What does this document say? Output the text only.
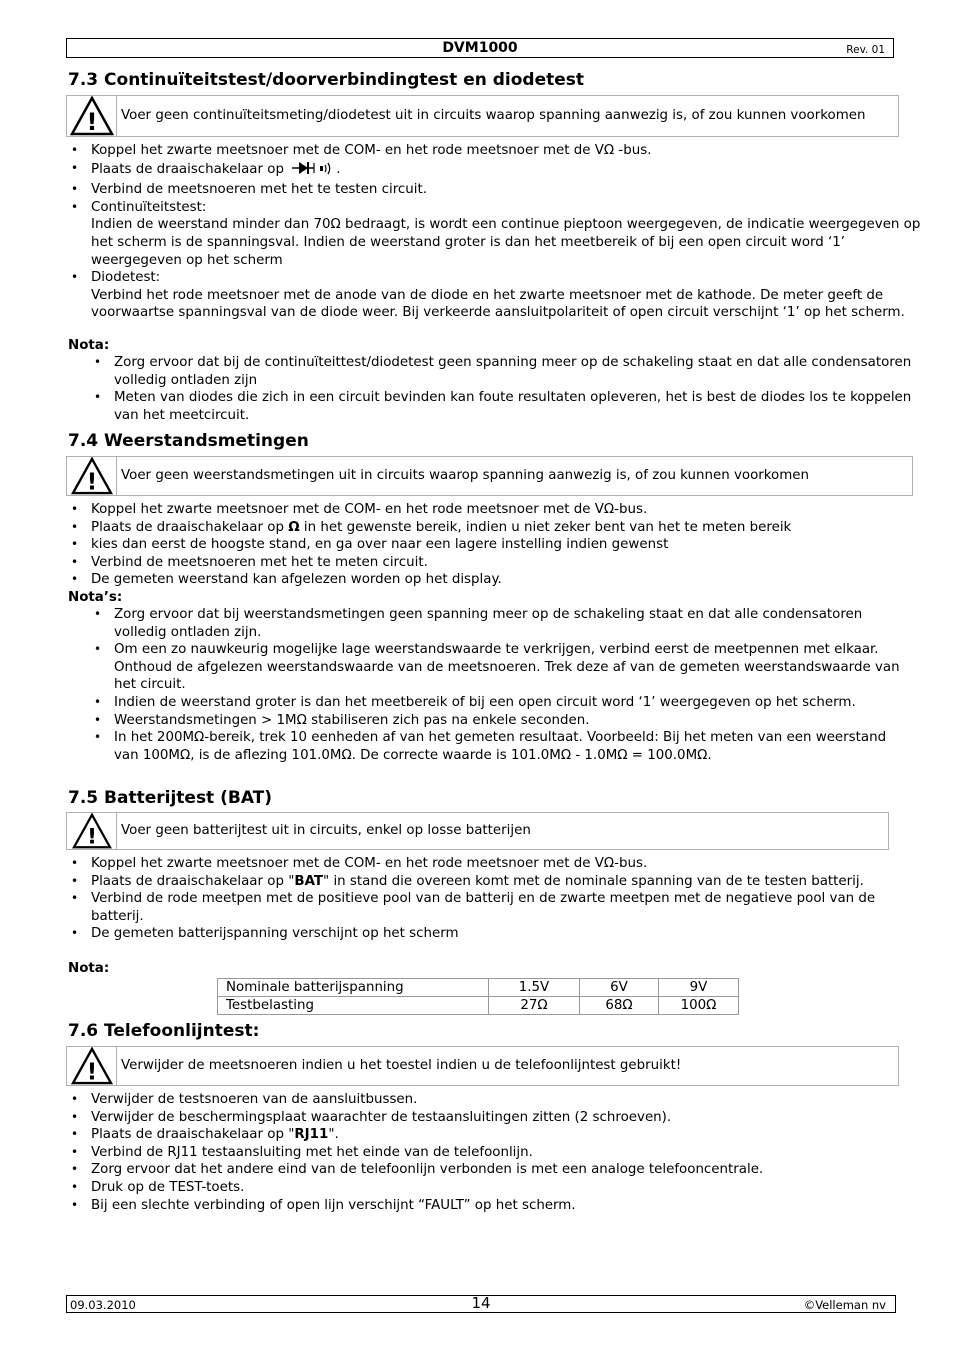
DVM1000	Rev. 01
7.3 Continuïteitstest/doorverbindingtest en diodetest
! Voer geen continuïteitsmeting/diodetest uit in circuits waarop spanning aanwezig is, of zou kunnen voorkomen
• Koppel het zwarte meetsnoer met de COM- en het rode meetsnoer met de VΩ -bus.
• Plaats de draaischakelaar op	.
• Verbind de meetsnoeren met het te testen circuit.
• Continuïteitstest:
Indien de weerstand minder dan 70Ω bedraagt, is wordt een continue pieptoon weergegeven, de indicatie weergegeven op het scherm is de spanningsval. Indien de weerstand groter is dan het meetbereik of bij een open circuit word ‘1’ weergegeven op het scherm
• Diodetest:
Verbind het rode meetsnoer met de anode van de diode en het zwarte meetsnoer met de kathode. De meter geeft de voorwaartse spanningsval van de diode weer. Bij verkeerde aansluitpolariteit of open circuit verschijnt ‘1’ op het scherm.
Nota:
• Zorg ervoor dat bij de continuïteittest/diodetest geen spanning meer op de schakeling staat en dat alle condensatoren volledig ontladen zijn
• Meten van diodes die zich in een circuit bevinden kan foute resultaten opleveren, het is best de diodes los te koppelen van het meetcircuit.
7.4 Weerstandsmetingen
! Voer geen weerstandsmetingen uit in circuits waarop spanning aanwezig is, of zou kunnen voorkomen
• Koppel het zwarte meetsnoer met de COM- en het rode meetsnoer met de VΩ-bus.
• Plaats de draaischakelaar op Ω in het gewenste bereik, indien u niet zeker bent van het te meten bereik
• kies dan eerst de hoogste stand, en ga over naar een lagere instelling indien gewenst
• Verbind de meetsnoeren met het te meten circuit.
• De gemeten weerstand kan afgelezen worden op het display.
Nota’s:
• Zorg ervoor dat bij weerstandsmetingen geen spanning meer op de schakeling staat en dat alle condensatoren volledig ontladen zijn.
• Om een zo nauwkeurig mogelijke lage weerstandswaarde te verkrijgen, verbind eerst de meetpennen met elkaar. Onthoud de afgelezen weerstandswaarde van de meetsnoeren. Trek deze af van de gemeten weerstandswaarde van het circuit.
• Indien de weerstand groter is dan het meetbereik of bij een open circuit word ‘1’ weergegeven op het scherm.
• Weerstandsmetingen > 1MΩ stabiliseren zich pas na enkele seconden.
• In het 200MΩ-bereik, trek 10 eenheden af van het gemeten resultaat. Voorbeeld: Bij het meten van een weerstand van 100MΩ, is de aflezing 101.0MΩ. De correcte waarde is 101.0MΩ - 1.0MΩ = 100.0MΩ.
7.5 Batterijtest (BAT)
! Voer geen batterijtest uit in circuits, enkel op losse batterijen
• Koppel het zwarte meetsnoer met de COM- en het rode meetsnoer met de VΩ-bus.
• Plaats de draaischakelaar op "BAT" in stand die overeen komt met de nominale spanning van de te testen batterij.
• Verbind de rode meetpen met de positieve pool van de batterij en de zwarte meetpen met de negatieve pool van de batterij.
• De gemeten batterijspanning verschijnt op het scherm
Nota:
Nominale batterijspanning	1.5V	6V	9V
Testbelasting	27Ω	68Ω	100Ω
7.6 Telefoonlijntest:
! Verwijder de meetsnoeren indien u het toestel indien u de telefoonlijntest gebruikt!
• Verwijder de testsnoeren van de aansluitbussen.
• Verwijder de beschermingsplaat waarachter de testaansluitingen zitten (2 schroeven).
• Plaats de draaischakelaar op "RJ11".
• Verbind de RJ11 testaansluiting met het einde van de telefoonlijn.
• Zorg ervoor dat het andere eind van de telefoonlijn verbonden is met een analoge telefooncentrale.
• Druk op de TEST-toets.
• Bij een slechte verbinding of open lijn verschijnt “FAULT” op het scherm.
09.03.2010	14	©Velleman nv
